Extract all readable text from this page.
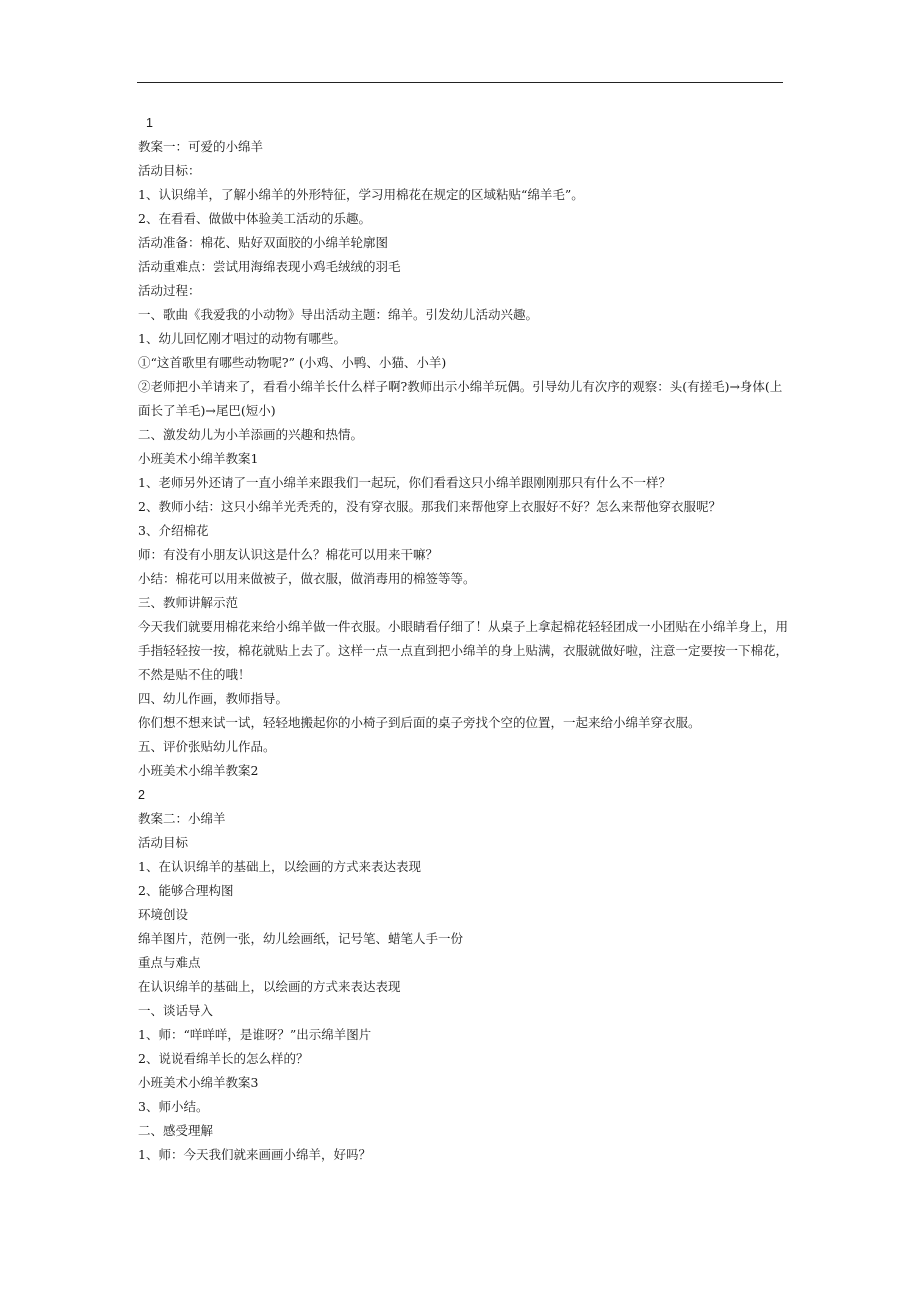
1
教案一：可爱的小绵羊
活动目标：
1、认识绵羊，了解小绵羊的外形特征，学习用棉花在规定的区域粘贴“绵羊毛”。
2、在看看、做做中体验美工活动的乐趣。
活动准备：棉花、贴好双面胶的小绵羊轮廓图
活动重难点：尝试用海绵表现小鸡毛绒绒的羽毛
活动过程：
一、歌曲《我爱我的小动物》导出活动主题：绵羊。引发幼儿活动兴趣。
1、幼儿回忆刚才唱过的动物有哪些。
①“这首歌里有哪些动物呢?” (小鸡、小鸭、小猫、小羊)
②老师把小羊请来了，看看小绵羊长什么样子啊?教师出示小绵羊玩偶。引导幼儿有次序的观察：头(有搓毛)→身体(上
面长了羊毛)→尾巴(短小)
二、激发幼儿为小羊添画的兴趣和热情。
小班美术小绵羊教案1
1、老师另外还请了一直小绵羊来跟我们一起玩，你们看看这只小绵羊跟刚刚那只有什么不一样？
2、教师小结：这只小绵羊光秃秃的，没有穿衣服。那我们来帮他穿上衣服好不好？怎么来帮他穿衣服呢？
3、介绍棉花
师：有没有小朋友认识这是什么？棉花可以用来干嘛？
小结：棉花可以用来做被子，做衣服，做消毒用的棉签等等。
三、教师讲解示范
今天我们就要用棉花来给小绵羊做一件衣服。小眼睛看仔细了！从桌子上拿起棉花轻轻团成一小团贴在小绵羊身上，用
手指轻轻按一按，棉花就贴上去了。这样一点一点直到把小绵羊的身上贴满，衣服就做好啦，注意一定要按一下棉花，
不然是贴不住的哦！
四、幼儿作画，教师指导。
你们想不想来试一试，轻轻地搬起你的小椅子到后面的桌子旁找个空的位置，一起来给小绵羊穿衣服。
五、评价张贴幼儿作品。
小班美术小绵羊教案2
2
教案二：小绵羊
活动目标
1、在认识绵羊的基础上，以绘画的方式来表达表现
2、能够合理构图
环境创设
绵羊图片，范例一张，幼儿绘画纸，记号笔、蜡笔人手一份
重点与难点
在认识绵羊的基础上，以绘画的方式来表达表现
一、谈话导入
1、师：“咩咩咩，是谁呀？”出示绵羊图片
2、说说看绵羊长的怎么样的？
小班美术小绵羊教案3
3、师小结。
二、感受理解
1、师：今天我们就来画画小绵羊，好吗？
